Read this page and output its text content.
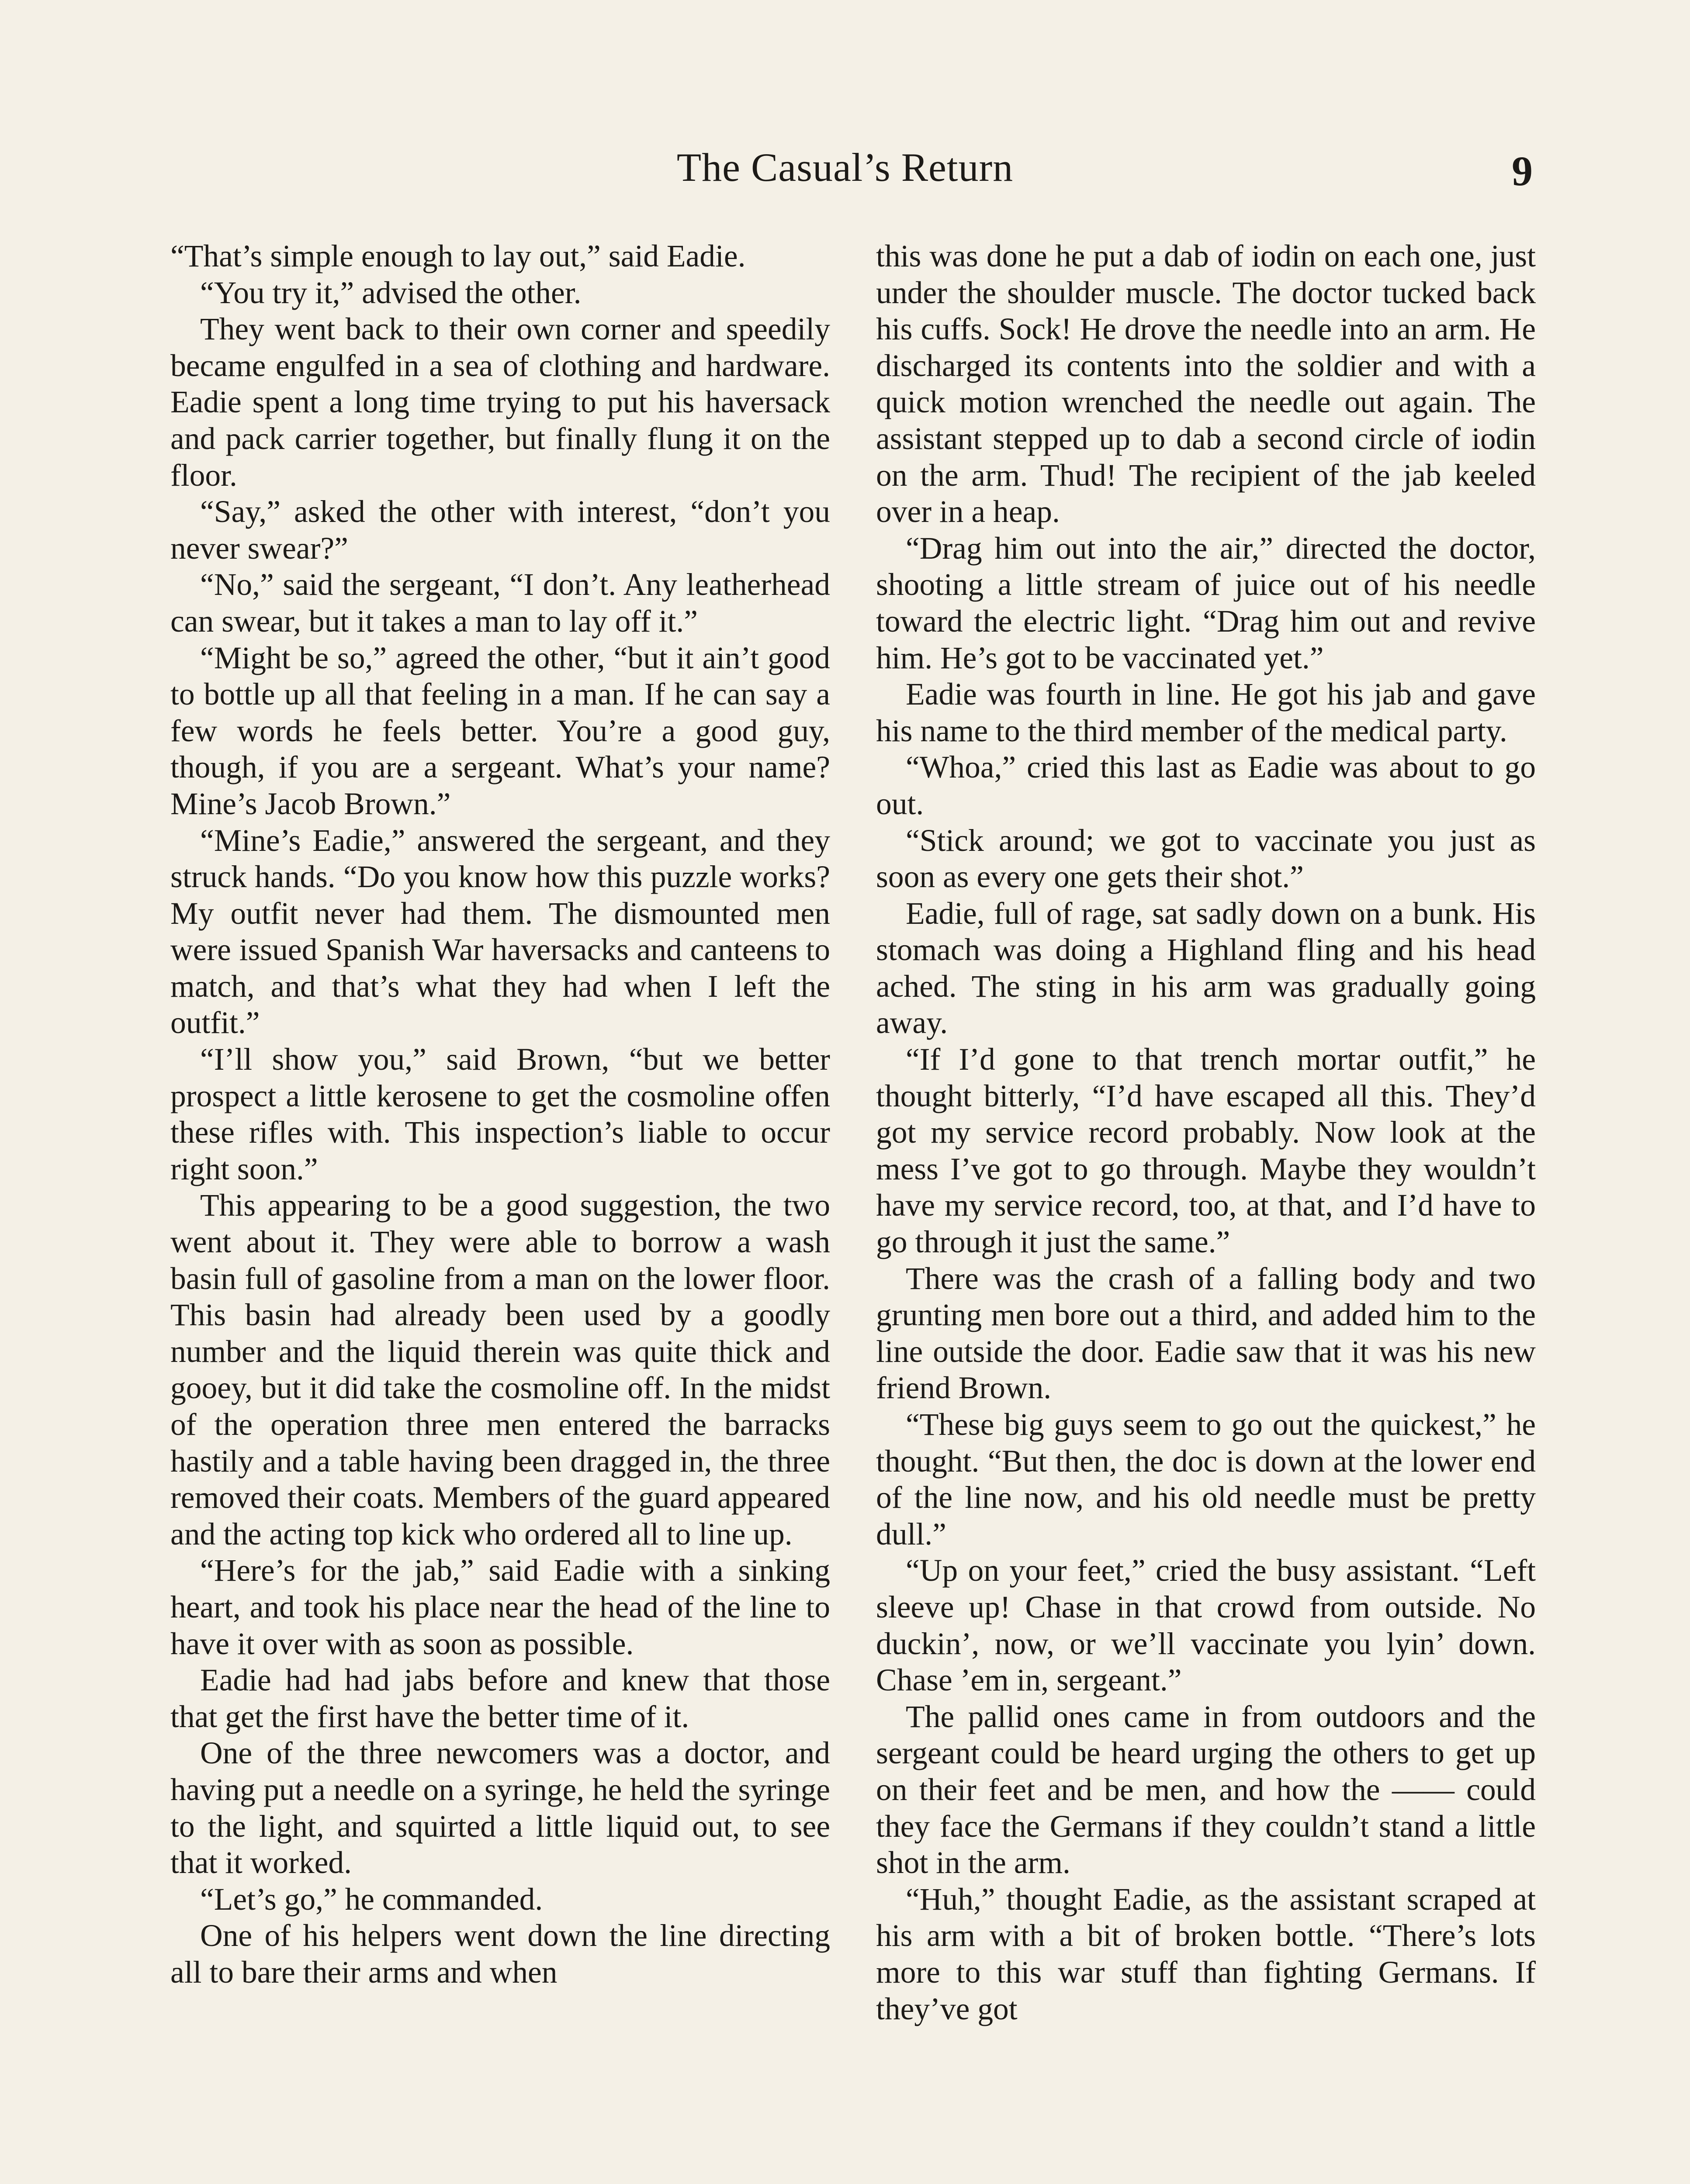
The Casual’s Return	9

“That’s simple enough to lay out,” said Eadie.

“You try it,” advised the other.

They went back to their own corner and speedily became engulfed in a sea of clothing and hardware. Eadie spent a long time trying to put his haversack and pack carrier together, but finally flung it on the floor.

“Say,” asked the other with interest, “don’t you never swear?”

“No,” said the sergeant, “I don’t. Any leatherhead can swear, but it takes a man to lay off it.”

“Might be so,” agreed the other, “but it ain’t good to bottle up all that feeling in a man. If he can say a few words he feels better. You’re a good guy, though, if you are a sergeant. What’s your name? Mine’s Jacob Brown.”

“Mine’s Eadie,” answered the sergeant, and they struck hands. “Do you know how this puzzle works? My outfit never had them. The dismounted men were issued Spanish War haversacks and canteens to match, and that’s what they had when I left the outfit.”

“I’ll show you,” said Brown, “but we better prospect a little kerosene to get the cosmoline offen these rifles with. This inspection’s liable to occur right soon.”

This appearing to be a good suggestion, the two went about it. They were able to borrow a wash basin full of gasoline from a man on the lower floor. This basin had already been used by a goodly number and the liquid therein was quite thick and gooey, but it did take the cosmoline off. In the midst of the operation three men entered the barracks hastily and a table having been dragged in, the three removed their coats. Members of the guard appeared and the acting top kick who ordered all to line up.

“Here’s for the jab,” said Eadie with a sinking heart, and took his place near the head of the line to have it over with as soon as possible.

Eadie had had jabs before and knew that those that get the first have the better time of it.

One of the three newcomers was a doctor, and having put a needle on a syringe, he held the syringe to the light, and squirted a little liquid out, to see that it worked.

“Let’s go,” he commanded.

One of his helpers went down the line directing all to bare their arms and when

this was done he put a dab of iodin on each one, just under the shoulder muscle. The doctor tucked back his cuffs. Sock! He drove the needle into an arm. He discharged its contents into the soldier and with a quick motion wrenched the needle out again. The assistant stepped up to dab a second circle of iodin on the arm. Thud! The recipient of the jab keeled over in a heap.

“Drag him out into the air,” directed the doctor, shooting a little stream of juice out of his needle toward the electric light. “Drag him out and revive him. He’s got to be vaccinated yet.”

Eadie was fourth in line. He got his jab and gave his name to the third member of the medical party.

“Whoa,” cried this last as Eadie was about to go out.

“Stick around; we got to vaccinate you just as soon as every one gets their shot.”

Eadie, full of rage, sat sadly down on a bunk. His stomach was doing a Highland fling and his head ached. The sting in his arm was gradually going away.

“If I’d gone to that trench mortar outfit,” he thought bitterly, “I’d have escaped all this. They’d got my service record probably. Now look at the mess I’ve got to go through. Maybe they wouldn’t have my service record, too, at that, and I’d have to go through it just the same.”

There was the crash of a falling body and two grunting men bore out a third, and added him to the line outside the door. Eadie saw that it was his new friend Brown.

“These big guys seem to go out the quickest,” he thought. “But then, the doc is down at the lower end of the line now, and his old needle must be pretty dull.”

“Up on your feet,” cried the busy assistant. “Left sleeve up! Chase in that crowd from outside. No duckin’, now, or we’ll vaccinate you lyin’ down. Chase ’em in, sergeant.”

The pallid ones came in from outdoors and the sergeant could be heard urging the others to get up on their feet and be men, and how the —— could they face the Germans if they couldn’t stand a little shot in the arm.

“Huh,” thought Eadie, as the assistant scraped at his arm with a bit of broken bottle. “There’s lots more to this war stuff than fighting Germans. If they’ve got
